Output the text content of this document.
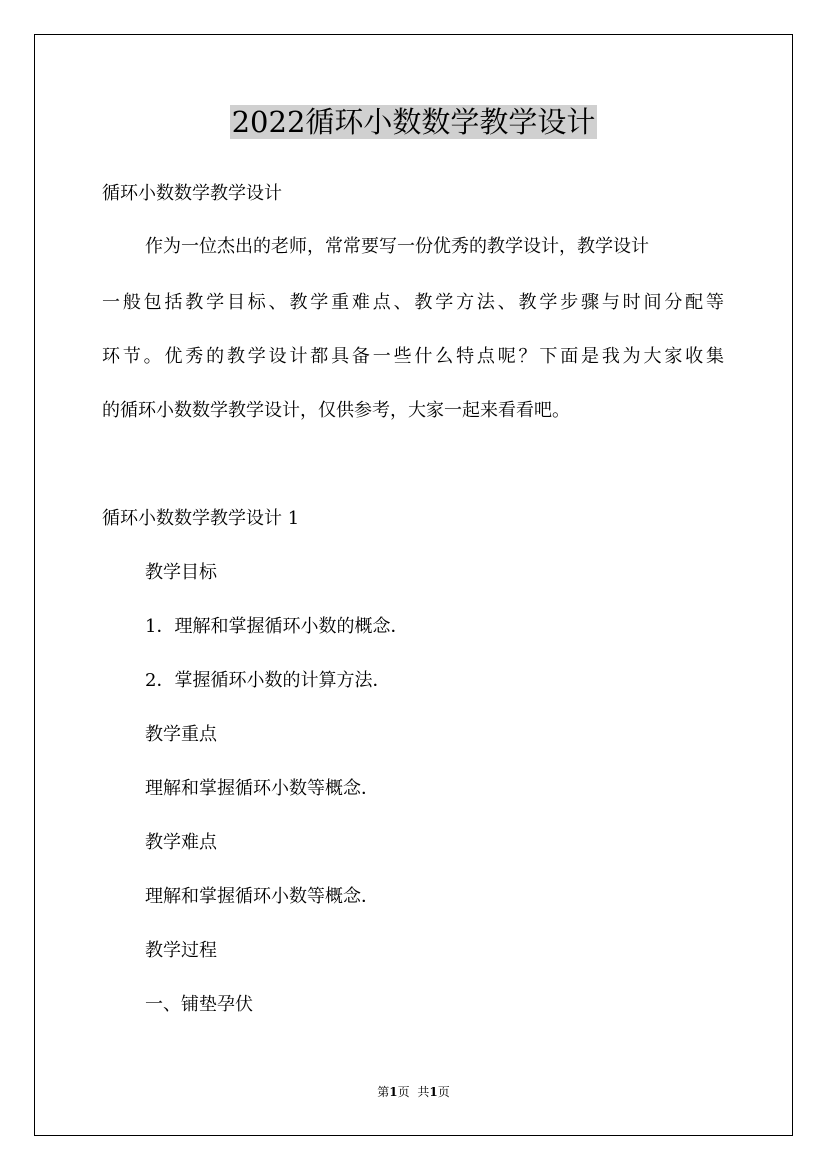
2022循环小数数学教学设计

循环小数数学教学设计

作为一位杰出的老师，常常要写一份优秀的教学设计，教学设计

一般包括教学目标、教学重难点、教学方法、教学步骤与时间分配等

环节。优秀的教学设计都具备一些什么特点呢？下面是我为大家收集

的循环小数数学教学设计，仅供参考，大家一起来看看吧。

循环小数数学教学设计 1

教学目标

1．理解和掌握循环小数的概念．

2．掌握循环小数的计算方法．

教学重点

理解和掌握循环小数等概念．

教学难点

理解和掌握循环小数等概念．

教学过程

一、铺垫孕伏

第1页 共1页
